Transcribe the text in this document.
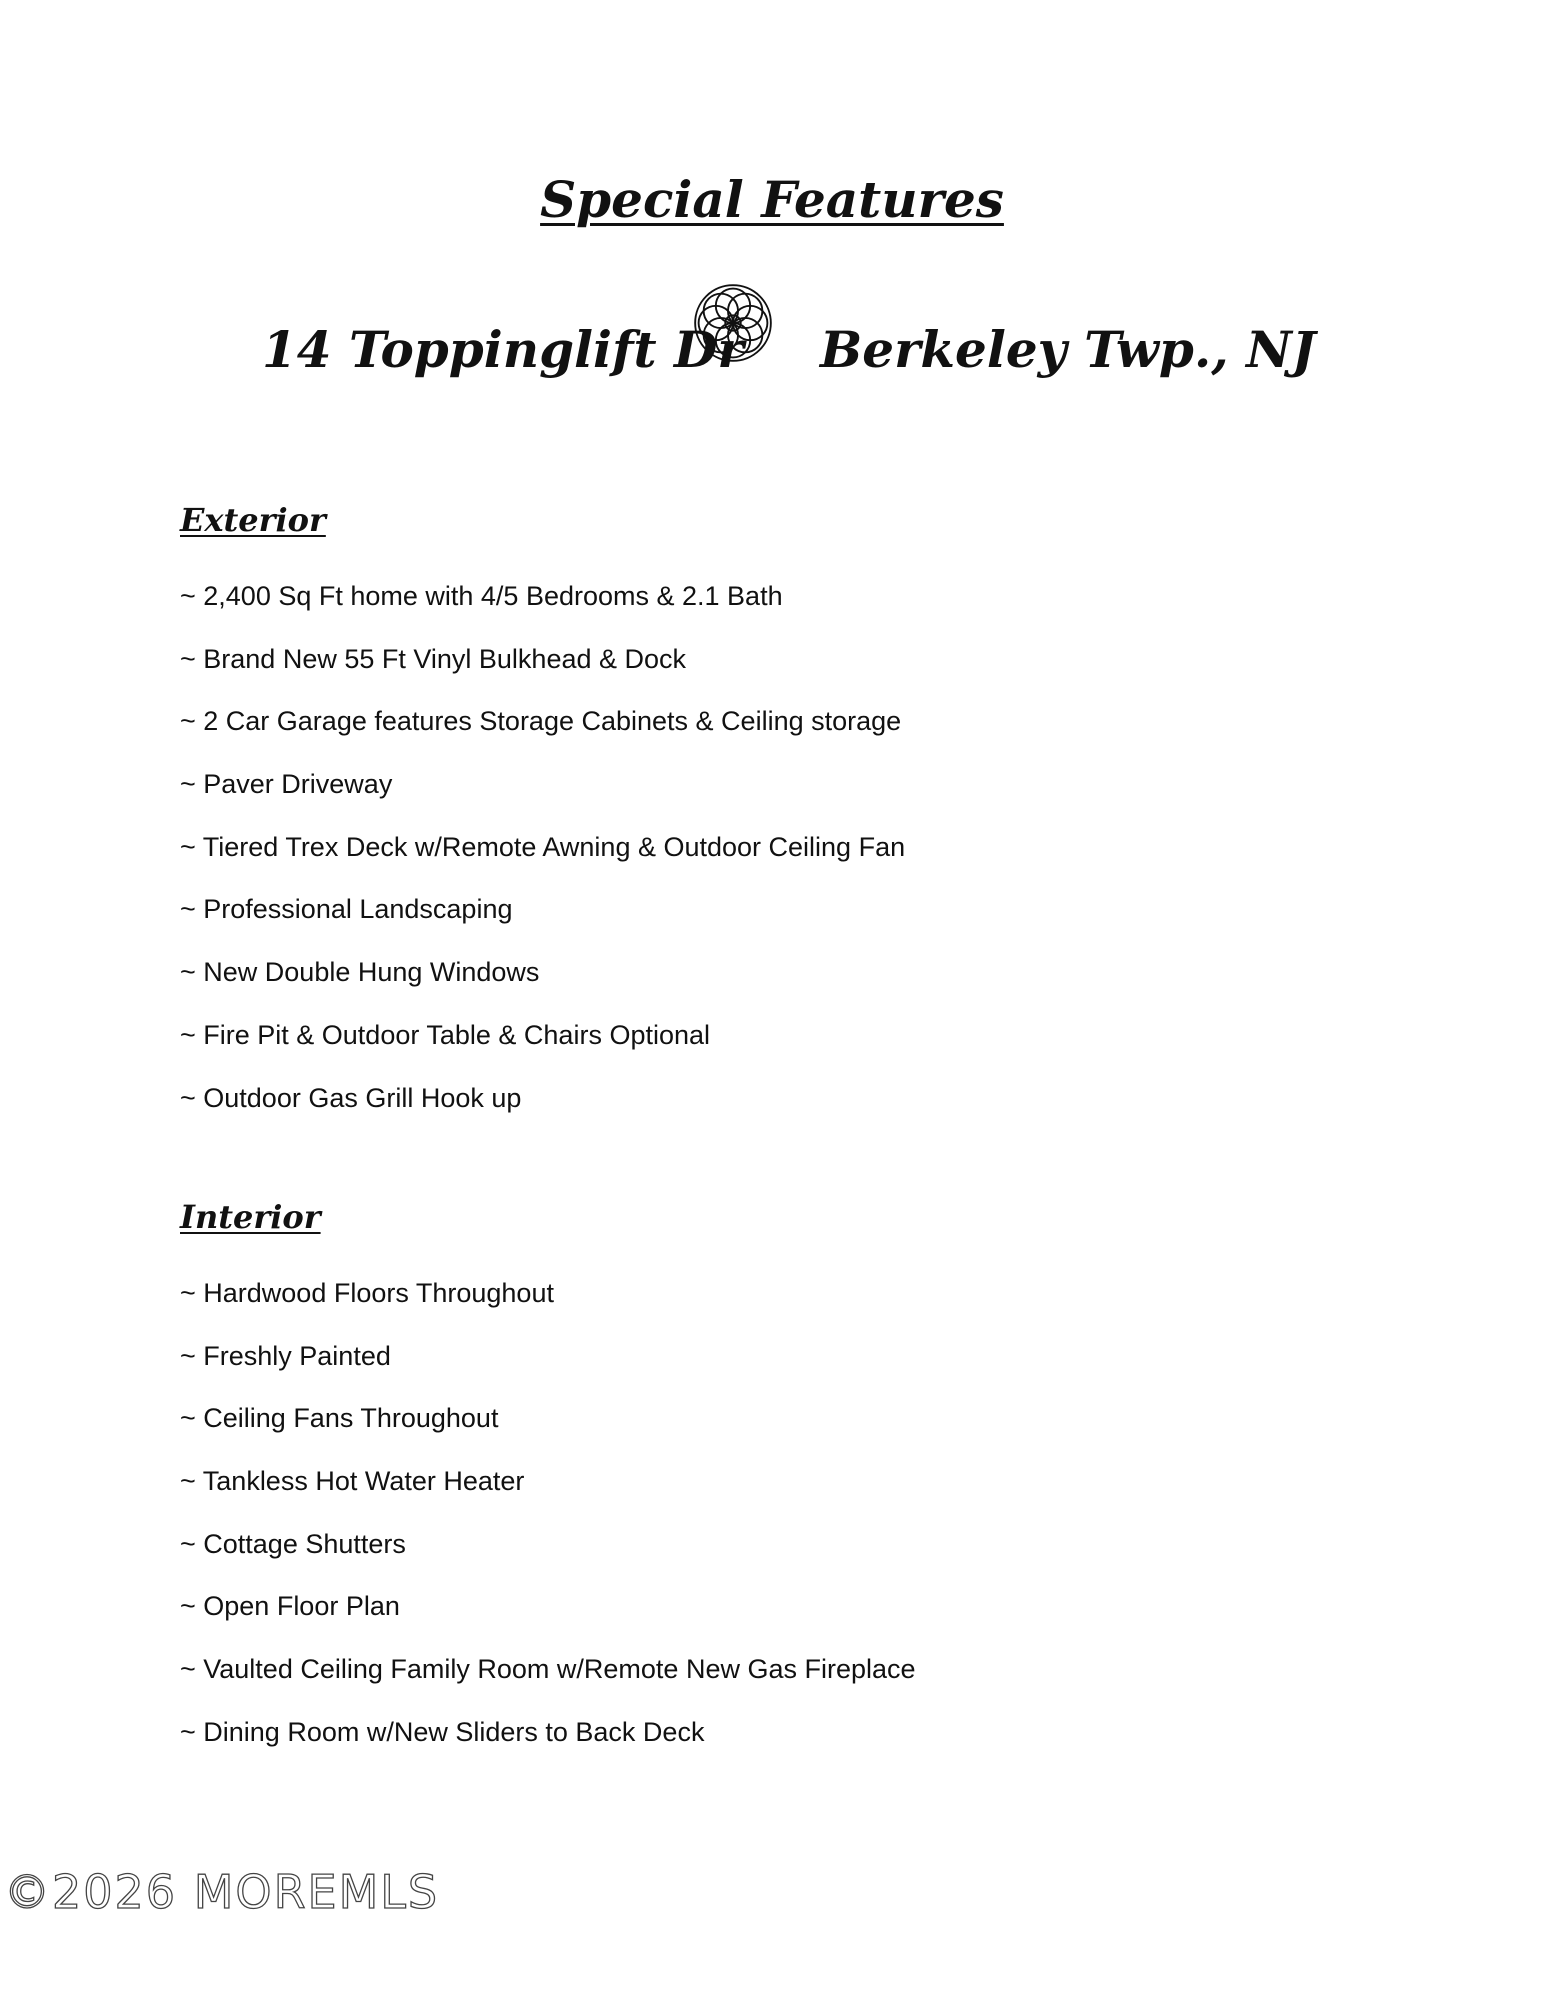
Special Features
14 Toppinglift Dr Berkeley Twp., NJ
Exterior
~ 2,400 Sq Ft home with 4/5 Bedrooms & 2.1 Bath
~ Brand New 55 Ft Vinyl Bulkhead & Dock
~ 2 Car Garage features Storage Cabinets & Ceiling storage
~ Paver Driveway
~ Tiered Trex Deck w/Remote Awning & Outdoor Ceiling Fan
~ Professional Landscaping
~ New Double Hung Windows
~ Fire Pit & Outdoor Table & Chairs Optional
~ Outdoor Gas Grill Hook up
Interior
~ Hardwood Floors Throughout
~ Freshly Painted
~ Ceiling Fans Throughout
~ Tankless Hot Water Heater
~ Cottage Shutters
~ Open Floor Plan
~ Vaulted Ceiling Family Room w/Remote New Gas Fireplace
~ Dining Room w/New Sliders to Back Deck
©2026 MOREMLS
